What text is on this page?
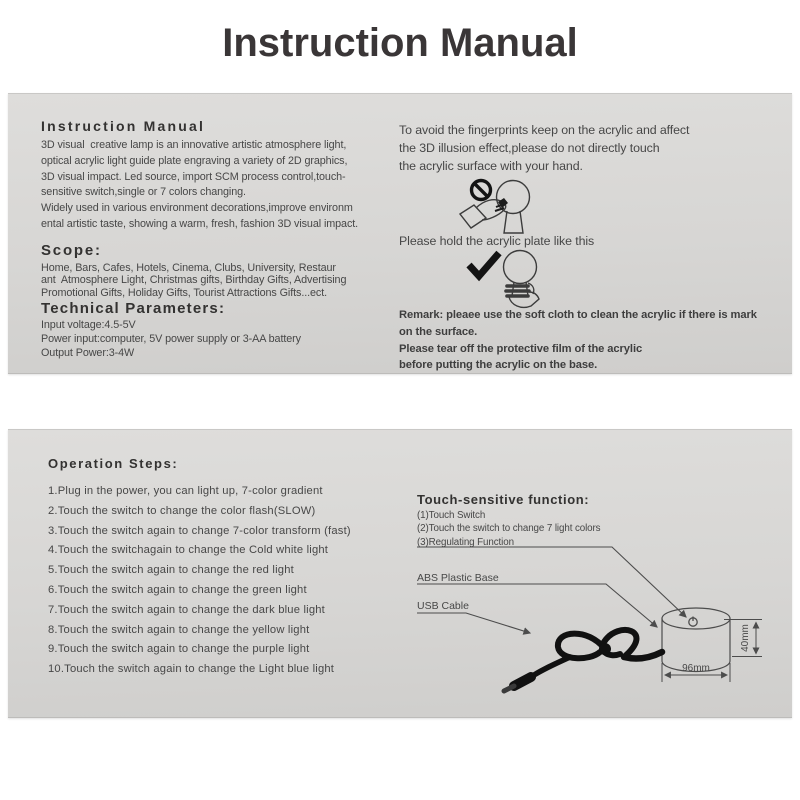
Instruction Manual
Instruction Manual
3D visual  creative lamp is an innovative artistic atmosphere light,
optical acrylic light guide plate engraving a variety of 2D graphics,
3D visual impact. Led source, import SCM process control,touch-
sensitive switch,single or 7 colors changing.
Widely used in various environment decorations,improve environm
ental artistic taste, showing a warm, fresh, fashion 3D visual impact.
Scope:
Home, Bars, Cafes, Hotels, Cinema, Clubs, University, Restaur
ant  Atmosphere Light, Christmas gifts, Birthday Gifts, Advertising
Promotional Gifts, Holiday Gifts, Tourist Attractions Gifts...ect.
Technical Parameters:
Input voltage:4.5-5V
Power input:computer, 5V power supply or 3-AA battery
Output Power:3-4W
To avoid the fingerprints keep on the acrylic and affect
the 3D illusion effect,please do not directly touch
the acrylic surface with your hand.
Please hold the acrylic plate like this
Remark: pleaee use the soft cloth to clean the acrylic if there is mark
on the surface.
Please tear off the protective film of the acrylic
before putting the acrylic on the base.
Operation Steps:
1.Plug in the power, you can light up, 7-color gradient
2.Touch the switch to change the color flash(SLOW)
3.Touch the switch again to change 7-color transform (fast)
4.Touch the switchagain to change the Cold white light
5.Touch the switch again to change the red light
6.Touch the switch again to change the green light
7.Touch the switch again to change the dark blue light
8.Touch the switch again to change the yellow light
9.Touch the switch again to change the purple light
10.Touch the switch again to change the Light blue light
Touch-sensitive function:
(1)Touch Switch
(2)Touch the switch to change 7 light colors
(3)Regulating Function
ABS Plastic Base
USB Cable
96mm
40mm
